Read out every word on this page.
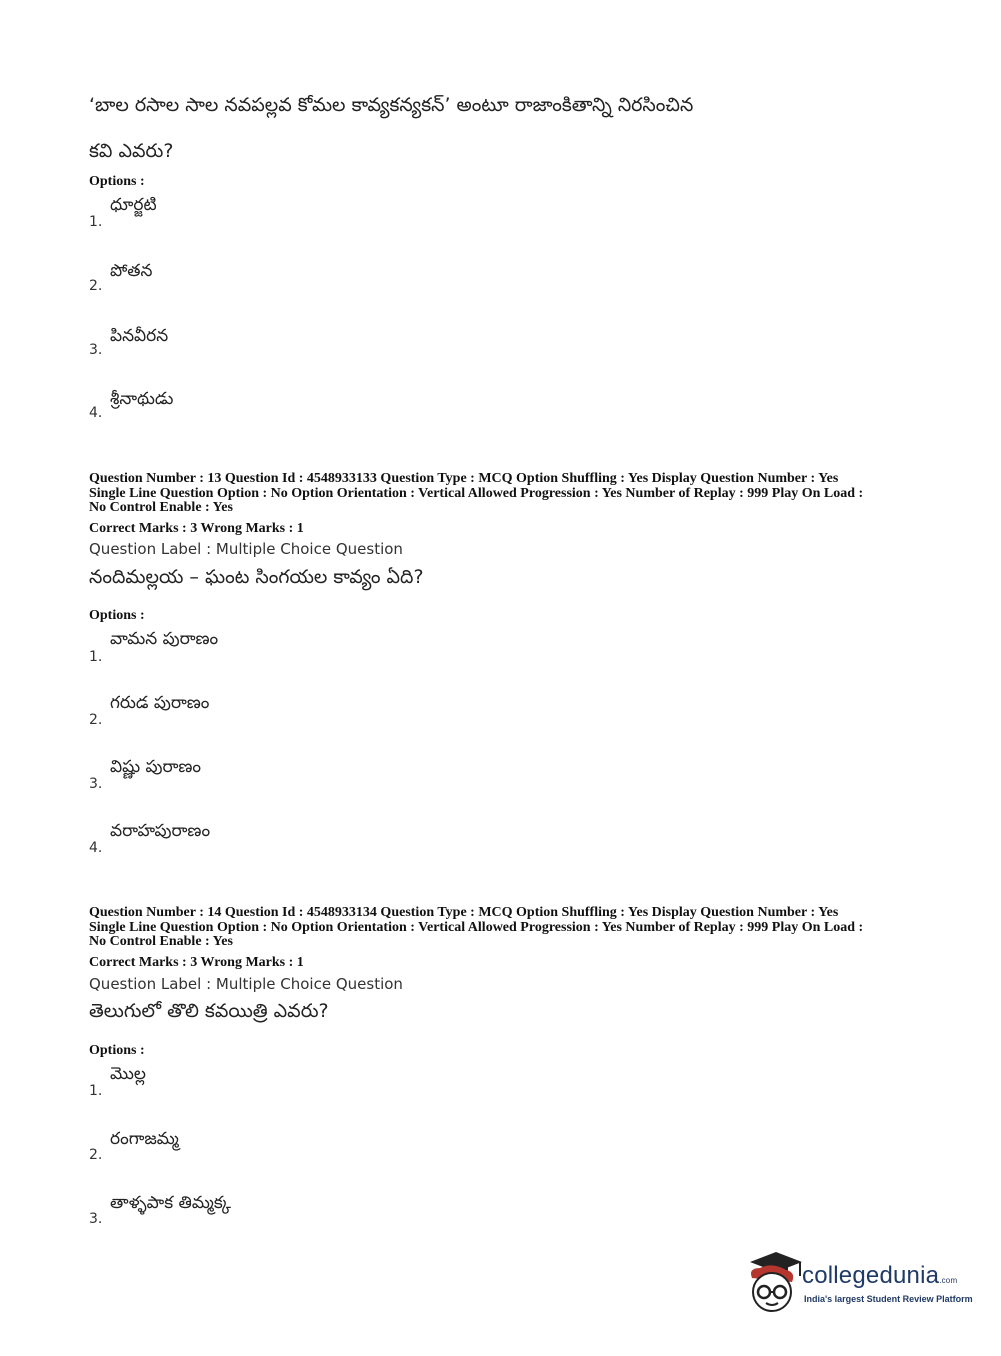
‘బాల రసాల సాల నవపల్లవ కోమల కావ్యకన్యకన్’ అంటూ రాజాంకితాన్ని నిరసించిన
కవి ఎవరు?
Options :
ధూర్జటి
1.
పోతన
2.
పినవీరన
3.
శ్రీనాథుడు
4.
Question Number : 13 Question Id : 4548933133 Question Type : MCQ Option Shuffling : Yes Display Question Number : Yes
Single Line Question Option : No Option Orientation : Vertical Allowed Progression : Yes Number of Replay : 999 Play On Load :
No Control Enable : Yes
Correct Marks : 3 Wrong Marks : 1
Question Label : Multiple Choice Question
నందిమల్లయ – ఘంట సింగయల కావ్యం ఏది?
Options :
వామన పురాణం
1.
గరుడ పురాణం
2.
విష్ణు పురాణం
3.
వరాహపురాణం
4.
Question Number : 14 Question Id : 4548933134 Question Type : MCQ Option Shuffling : Yes Display Question Number : Yes
Single Line Question Option : No Option Orientation : Vertical Allowed Progression : Yes Number of Replay : 999 Play On Load :
No Control Enable : Yes
Correct Marks : 3 Wrong Marks : 1
Question Label : Multiple Choice Question
తెలుగులో తొలి కవయిత్రి ఎవరు?
Options :
మొల్ల
1.
రంగాజమ్మ
2.
తాళ్ళపాక తిమ్మక్క
3.
collegedunia.com
India's largest Student Review Platform
